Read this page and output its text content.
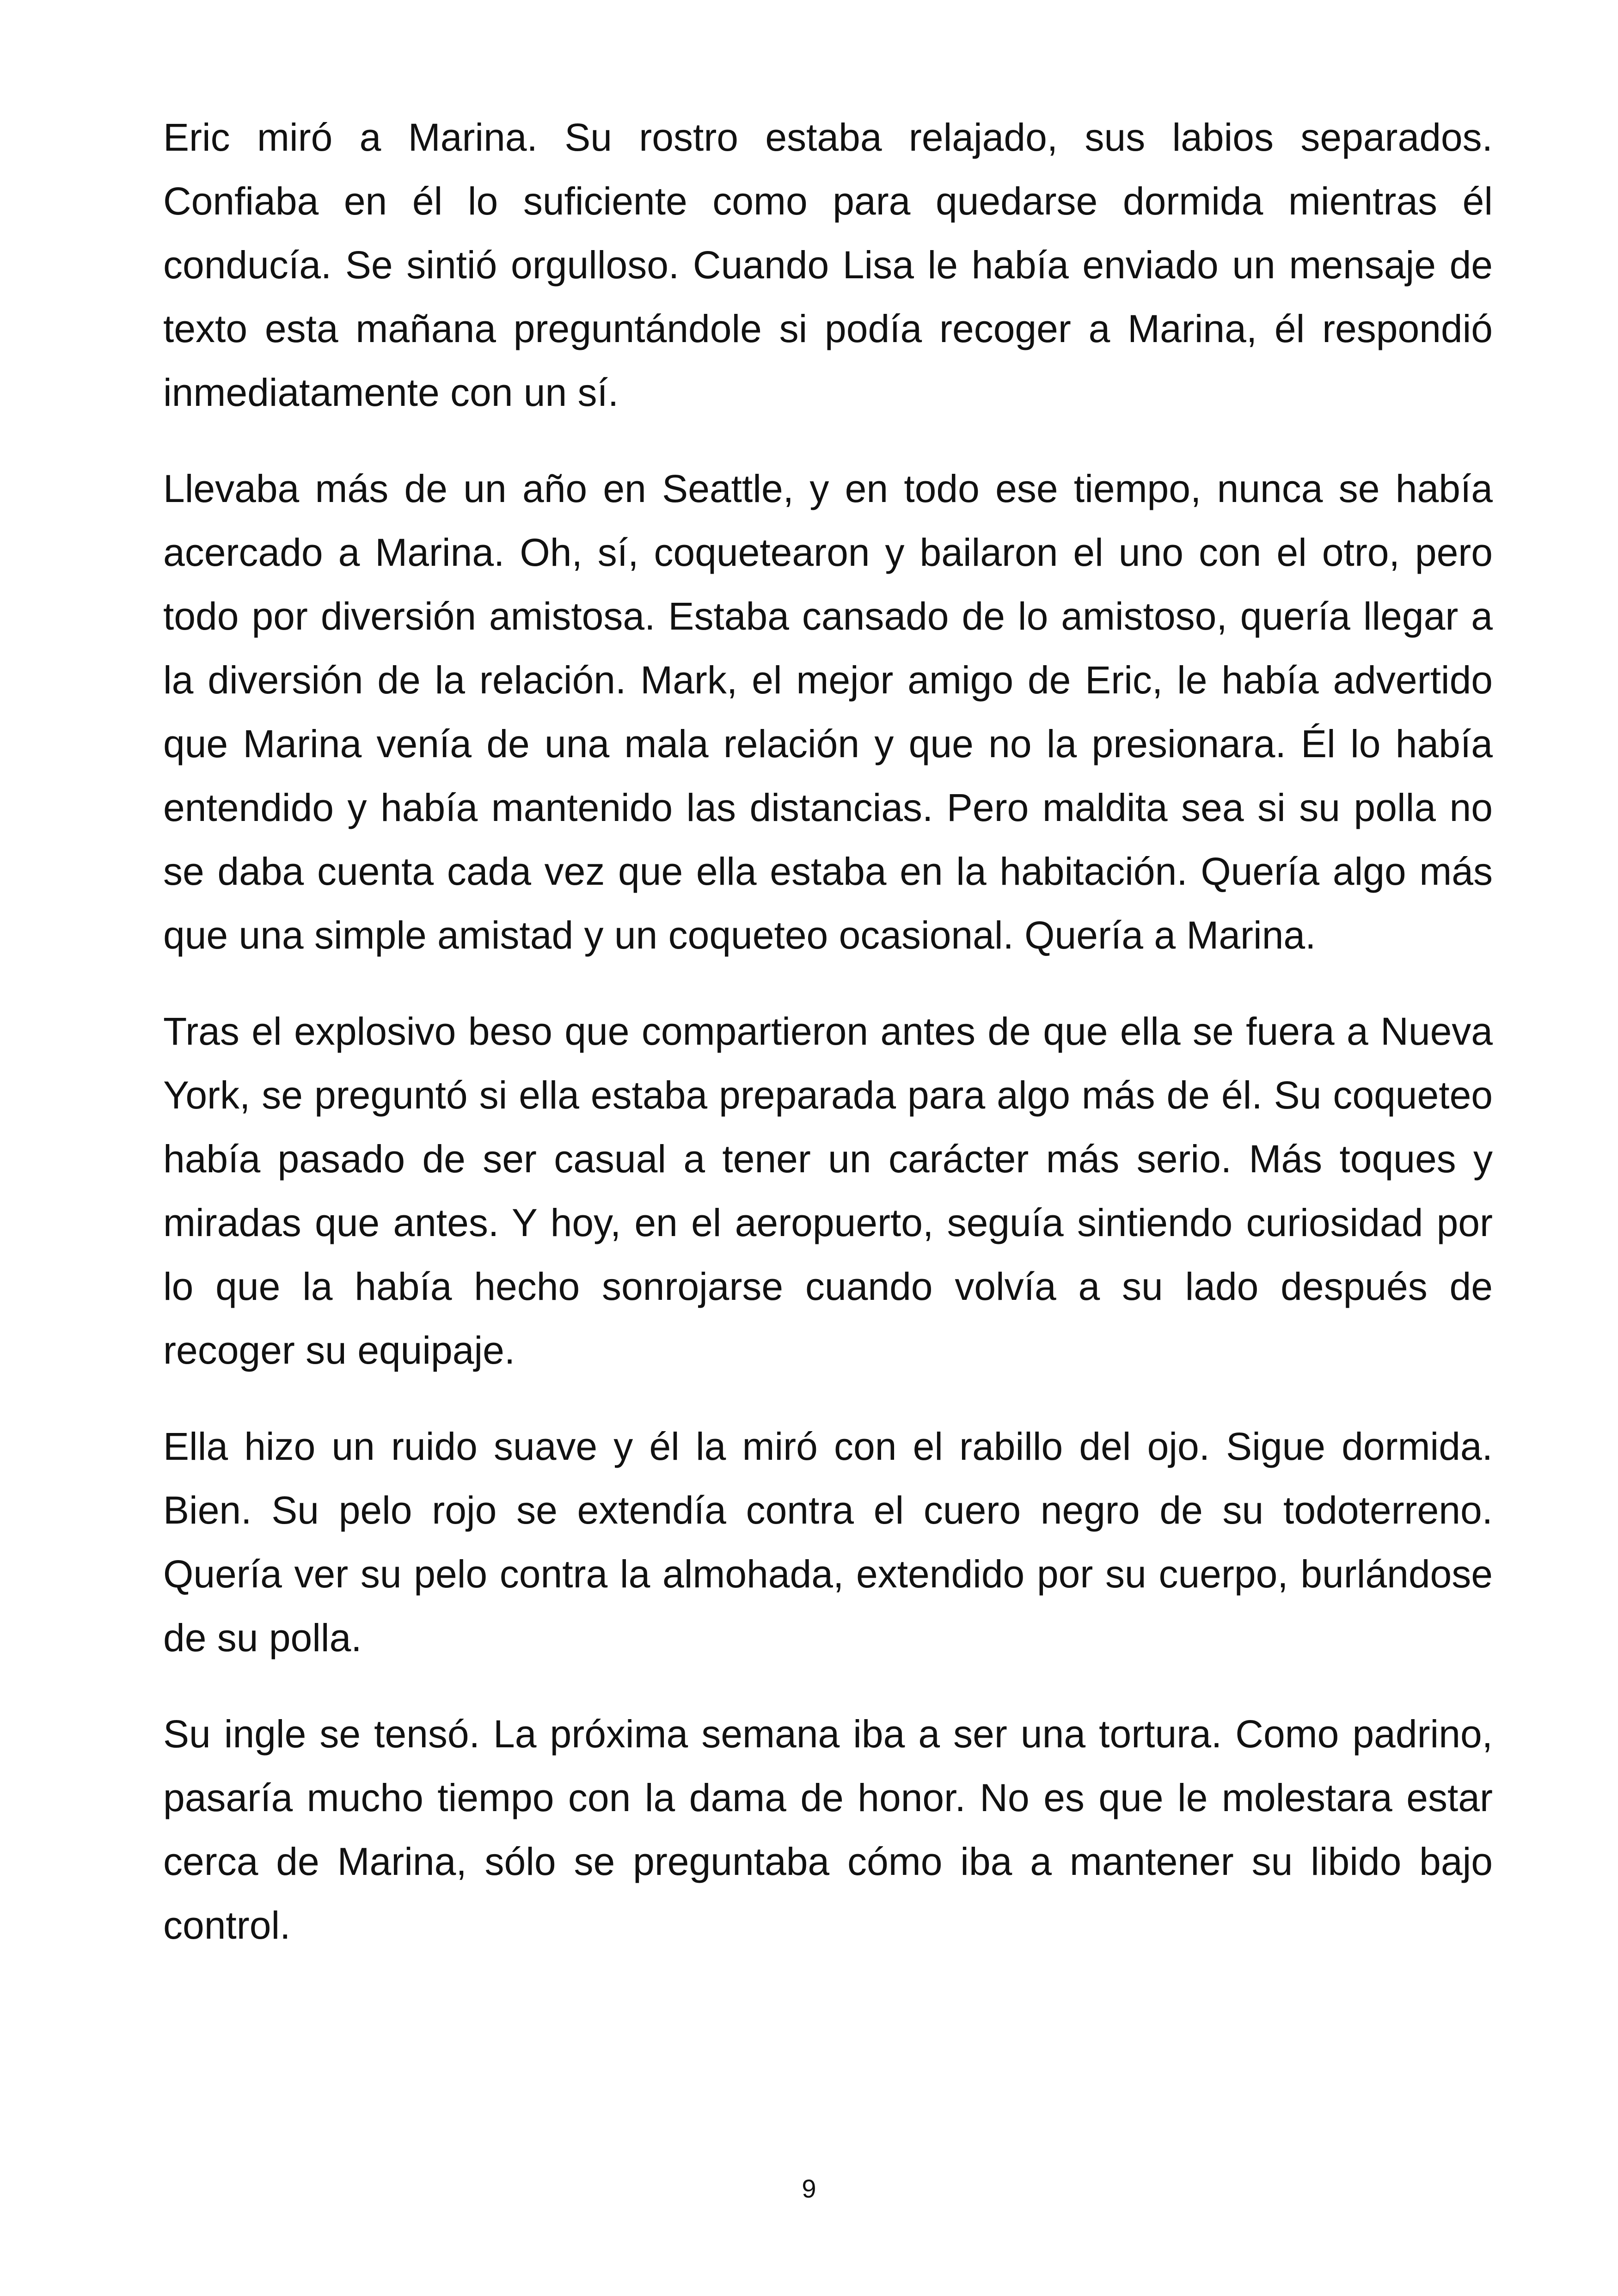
Eric miró a Marina. Su rostro estaba relajado, sus labios separados. Confiaba en él lo suficiente como para quedarse dormida mientras él conducía. Se sintió orgulloso. Cuando Lisa le había enviado un mensaje de texto esta mañana preguntándole si podía recoger a Marina, él respondió inmediatamente con un sí.

Llevaba más de un año en Seattle, y en todo ese tiempo, nunca se había acercado a Marina. Oh, sí, coquetearon y bailaron el uno con el otro, pero todo por diversión amistosa. Estaba cansado de lo amistoso, quería llegar a la diversión de la relación. Mark, el mejor amigo de Eric, le había advertido que Marina venía de una mala relación y que no la presionara. Él lo había entendido y había mantenido las distancias. Pero maldita sea si su polla no se daba cuenta cada vez que ella estaba en la habitación. Quería algo más que una simple amistad y un coqueteo ocasional. Quería a Marina.

Tras el explosivo beso que compartieron antes de que ella se fuera a Nueva York, se preguntó si ella estaba preparada para algo más de él. Su coqueteo había pasado de ser casual a tener un carácter más serio. Más toques y miradas que antes. Y hoy, en el aeropuerto, seguía sintiendo curiosidad por lo que la había hecho sonrojarse cuando volvía a su lado después de recoger su equipaje.

Ella hizo un ruido suave y él la miró con el rabillo del ojo. Sigue dormida. Bien. Su pelo rojo se extendía contra el cuero negro de su todoterreno. Quería ver su pelo contra la almohada, extendido por su cuerpo, burlándose de su polla.

Su ingle se tensó. La próxima semana iba a ser una tortura. Como padrino, pasaría mucho tiempo con la dama de honor. No es que le molestara estar cerca de Marina, sólo se preguntaba cómo iba a mantener su libido bajo control.

9
